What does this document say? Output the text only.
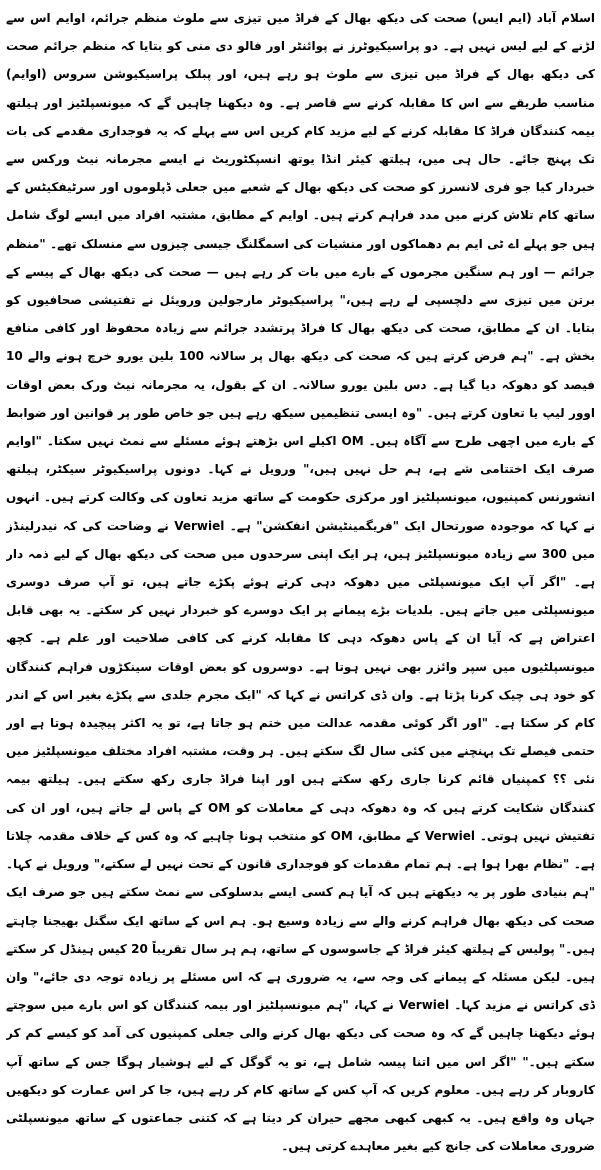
اسلام آباد (ایم ایس) صحت کی دیکھ بھال کے فراڈ میں تیزی سے ملوث منظم جرائم، اوایم اس سے لڑنے کے لیے لیس نہیں ہے۔ دو پراسیکیوٹرز نے پوائنٹر اور فالو دی منی کو بتایا کہ منظم جرائم صحت کی دیکھ بھال کے فراڈ میں تیزی سے ملوث ہو رہے ہیں، اور پبلک پراسیکیوشن سروس (اوایم) مناسب طریقے سے اس کا مقابلہ کرنے سے قاصر ہے۔ وہ دیکھنا چاہیں گے کہ میونسپلٹیز اور ہیلتھ بیمہ کنندگان فراڈ کا مقابلہ کرنے کے لیے مزید کام کریں اس سے پہلے کہ یہ فوجداری مقدمے کی بات تک پہنچ جائے۔ حال ہی میں، ہیلتھ کیئر انڈا یوتھ انسپکٹوریٹ نے ایسے مجرمانہ نیٹ ورکس سے خبردار کیا جو فری لانسرز کو صحت کی دیکھ بھال کے شعبے میں جعلی ڈپلوموں اور سرٹیفکیٹس کے ساتھ کام تلاش کرنے میں مدد فراہم کرتے ہیں۔ اوایم کے مطابق، مشتبہ افراد میں ایسے لوگ شامل ہیں جو پہلے اے ٹی ایم بم دھماکوں اور منشیات کی اسمگلنگ جیسی چیزوں سے منسلک تھے۔ "منظم جرائم — اور ہم سنگین مجرموں کے بارے میں بات کر رہے ہیں — صحت کی دیکھ بھال کے پیسے کے برتن میں تیزی سے دلچسپی لے رہے ہیں،" پراسیکیوٹر مارجولین ورویئل نے تفتیشی صحافیوں کو بتایا۔ ان کے مطابق، صحت کی دیکھ بھال کا فراڈ پرتشدد جرائم سے زیادہ محفوظ اور کافی منافع بخش ہے۔ "ہم فرض کرتے ہیں کہ صحت کی دیکھ بھال پر سالانہ 100 بلین یورو خرچ ہونے والے 10 فیصد کو دھوکہ دیا گیا ہے۔ دس بلین یورو سالانہ۔ ان کے بقول، یہ مجرمانہ نیٹ ورک بعض اوقات اوور لیپ یا تعاون کرتے ہیں۔ "وہ ایسی تنظیمیں سیکھ رہے ہیں جو خاص طور پر قوانین اور ضوابط کے بارے میں اچھی طرح سے آگاہ ہیں۔ OM اکیلے اس بڑھتے ہوئے مسئلے سے نمٹ نہیں سکتا۔ "اوایم صرف ایک اختتامی شے ہے، ہم حل نہیں ہیں،" ورویل نے کہا۔ دونوں پراسیکیوٹر سیکٹر، ہیلتھ انشورنس کمپنیوں، میونسپلٹیز اور مرکزی حکومت کے ساتھ مزید تعاون کی وکالت کرتے ہیں۔ انہوں نے کہا کہ موجودہ صورتحال ایک "فریگمینٹیشن انفکشن" ہے۔ Verwiel نے وضاحت کی کہ نیدرلینڈز میں 300 سے زیادہ میونسپلٹیز ہیں، ہر ایک اپنی سرحدوں میں صحت کی دیکھ بھال کے لیے ذمہ دار ہے۔ "اگر آپ ایک میونسپلٹی میں دھوکہ دہی کرتے ہوئے پکڑے جاتے ہیں، تو آپ صرف دوسری میونسپلٹی میں جاتے ہیں۔ بلدیات بڑے پیمانے پر ایک دوسرے کو خبردار نہیں کر سکتے۔ یہ بھی قابل اعتراض ہے کہ آیا ان کے پاس دھوکہ دہی کا مقابلہ کرنے کی کافی صلاحیت اور علم ہے۔ کچھ میونسپلٹیوں میں سپر وائزر بھی نہیں ہوتا ہے۔ دوسروں کو بعض اوقات سینکڑوں فراہم کنندگان کو خود ہی چیک کرنا پڑتا ہے۔ وان ڈی کراتس نے کہا کہ "ایک مجرم جلدی سے پکڑے بغیر اس کے اندر کام کر سکتا ہے۔ "اور اگر کوئی مقدمہ عدالت میں ختم ہو جاتا ہے، تو یہ اکثر پیچیدہ ہوتا ہے اور حتمی فیصلے تک پہنچنے میں کئی سال لگ سکتے ہیں۔ ہر وقت، مشتبہ افراد مختلف میونسپلٹیز میں نئی ؟؟ کمپنیاں قائم کرنا جاری رکھ سکتے ہیں اور اپنا فراڈ جاری رکھ سکتے ہیں۔ ہیلتھ بیمہ کنندگان شکایت کرتے ہیں کہ وہ دھوکہ دہی کے معاملات کو OM کے پاس لے جاتے ہیں، اور ان کی تفتیش نہیں ہوتی۔ Verwiel کے مطابق، OM کو منتخب ہونا چاہیے کہ وہ کس کے خلاف مقدمہ چلاتا ہے۔ "نظام بھرا ہوا ہے۔ ہم تمام مقدمات کو فوجداری قانون کے تحت نہیں لے سکتے،" ورویل نے کہا۔ "ہم بنیادی طور پر یہ دیکھتے ہیں کہ آیا ہم کسی ایسے بدسلوکی سے نمٹ سکتے ہیں جو صرف ایک صحت کی دیکھ بھال فراہم کرنے والے سے زیادہ وسیع ہو۔ ہم اس کے ساتھ ایک سگنل بھیجنا چاہتے ہیں۔" پولیس کے ہیلتھ کیئر فراڈ کے جاسوسوں کے ساتھ، ہم ہر سال تقریباً 20 کیس ہینڈل کر سکتے ہیں۔ لیکن مسئلہ کے پیمانے کی وجہ سے، یہ ضروری ہے کہ اس مسئلے پر زیادہ توجہ دی جائے،" وان ڈی کراتس نے مزید کہا۔ Verwiel نے کہا، "ہم میونسپلٹیز اور بیمہ کنندگان کو اس بارے میں سوچتے ہوئے دیکھنا چاہیں گے کہ وہ صحت کی دیکھ بھال کرنے والی جعلی کمپنیوں کی آمد کو کیسے کم کر سکتے ہیں۔" "اگر اس میں اتنا پیسہ شامل ہے، تو یہ گوگل کے لیے ہوشیار ہوگا جس کے ساتھ آپ کاروبار کر رہے ہیں۔ معلوم کریں کہ آپ کس کے ساتھ کام کر رہے ہیں، جا کر اس عمارت کو دیکھیں جہاں وہ واقع ہیں۔ یہ کبھی کبھی مجھے حیران کر دیتا ہے کہ کتنی جماعتوں کے ساتھ میونسپلٹی ضروری معاملات کی جانچ کیے بغیر معاہدے کرتی ہیں۔
